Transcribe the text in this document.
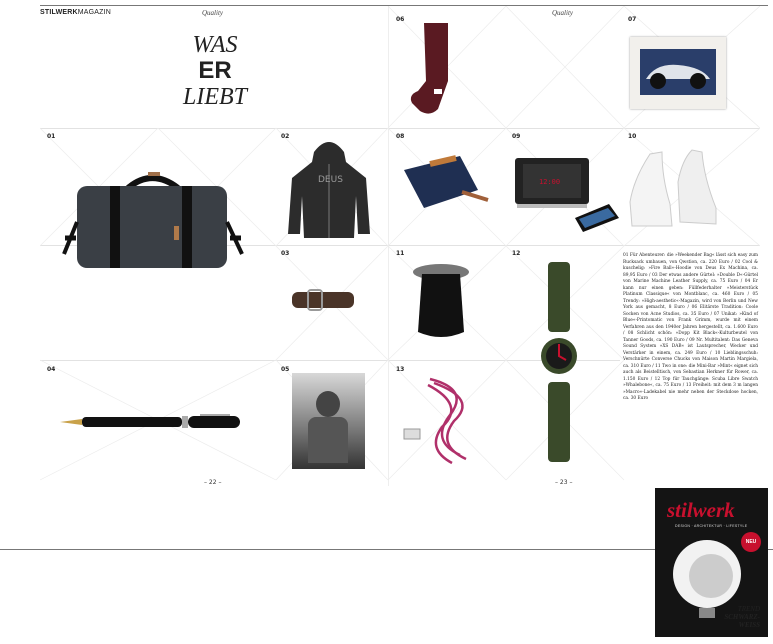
STILWERKMAGAZIN	Quality	Quality
WAS
ER
LIEBT
01	02
03
04	05
06	07
08	09	10
11	12
13
DEUS	12:00
– 22 –	– 23 –
01 Für Abenteurer: die »Weekender Bag« lässt sich easy zum Rucksack umbauen, von Qwstion, ca. 220 Euro / 02 Cool & kuschelig: »Fire Ball«-Hoodie von Deus Ex Machina, ca. 89,95 Euro / 03 Der etwas andere Gürtel: »Double D«-Gürtel von Marine Machine Leather Supply, ca. 75 Euro / 04 Er kann nur einen geben: Füllfederhalter »Meisterstück Platinum Classique« von Montblanc, ca. 460 Euro / 05 Trendy: »High-aesthetic«-Magazin, wird von Berlin und New York aus gemacht, 8 Euro / 06 Elitärste Tradition: Coole Socken von Acne Studios, ca. 35 Euro / 07 Unikat: »Kind of Blue«-Printomatic von Frank Grimm, wurde mit einem Verfahren aus den 1940er Jahren hergestellt, ca. 1.600 Euro / 08 Schlicht schön: »Dopp Kit Black«-Kulturbeutel von Tanner Goods, ca. 190 Euro / 09 Nr. Multitalent: Das Geneva Sound System »XS DAB« ist Lautsprecher, Wecker und Verstärker in einem, ca. 249 Euro / 10 Lieblingsschuh: Verschnürte Converse Chucks von Maison Martin Margiela, ca. 310 Euro / 11 Two in one: die Mini-Bar »Mint« eignet sich auch als Beistelltisch, von Sebastian Herkner für Rower, ca. 1.150 Euro / 12 Top für Tauchgänge: Scuba Libre Swatch »Whalebone«, ca. 75 Euro / 13 Freiheit: mit dem 3 m langen »Macro«-Ladekabel nie mehr neben der Steckdose hocken, ca. 30 Euro
stilwerk
DESIGN · ARCHITEKTUR · LIFESTYLE
NEU
TREND
SCHWARZ-
WEISS
